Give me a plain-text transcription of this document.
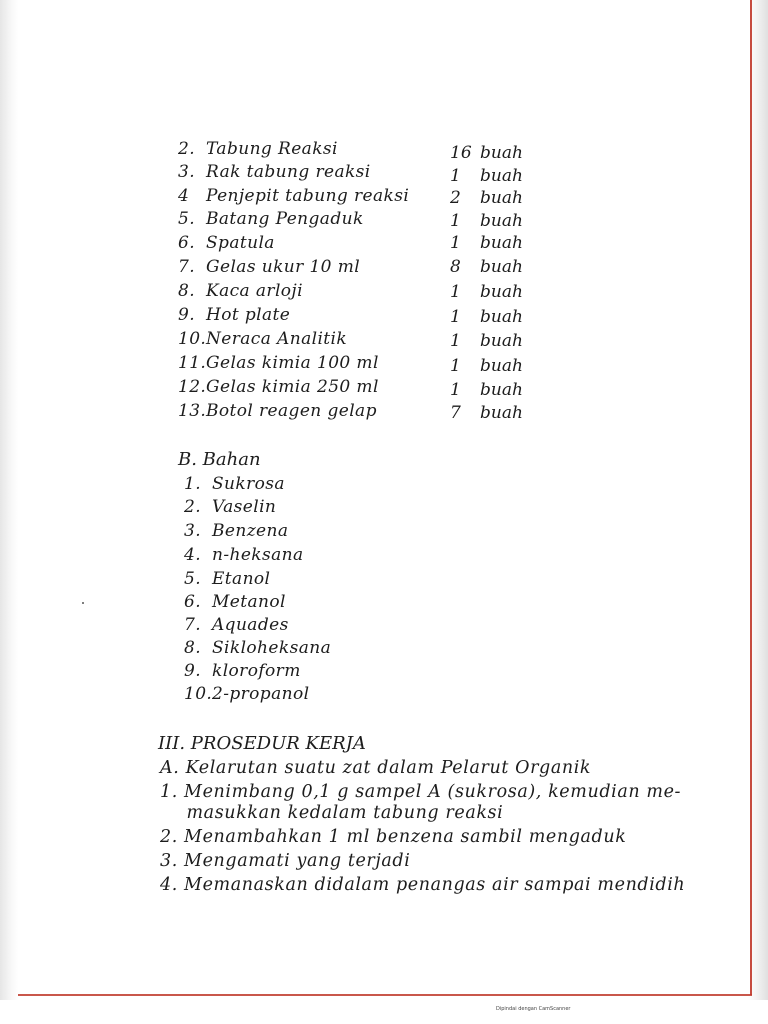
2. Tabung Reaksi
3. Rak tabung reaksi
4 Penjepit tabung reaksi
5. Batang Pengaduk
6. Spatula
7. Gelas ukur 10 ml
8. Kaca arloji
9. Hot plate
10.Neraca Analitik
11.Gelas kimia 100 ml
12.Gelas kimia 250 ml
13.Botol reagen gelap
16 buah
1 buah
2 buah
1 buah
1 buah
8 buah
1 buah
1 buah
1 buah
1 buah
1 buah
7 buah
B. Bahan
1. Sukrosa
2. Vaselin
3. Benzena
4. n-heksana
5. Etanol
6. Metanol
7. Aquades
8. Sikloheksana
9. kloroform
10.2-propanol
III. PROSEDUR KERJA
A. Kelarutan suatu zat dalam Pelarut Organik
1. Menimbang 0,1 g sampel A (sukrosa), kemudian me-
masukkan kedalam tabung reaksi
2. Menambahkan 1 ml benzena sambil mengaduk
3. Mengamati yang terjadi
4. Memanaskan didalam penangas air sampai mendidih
Dipindai dengan CamScanner
